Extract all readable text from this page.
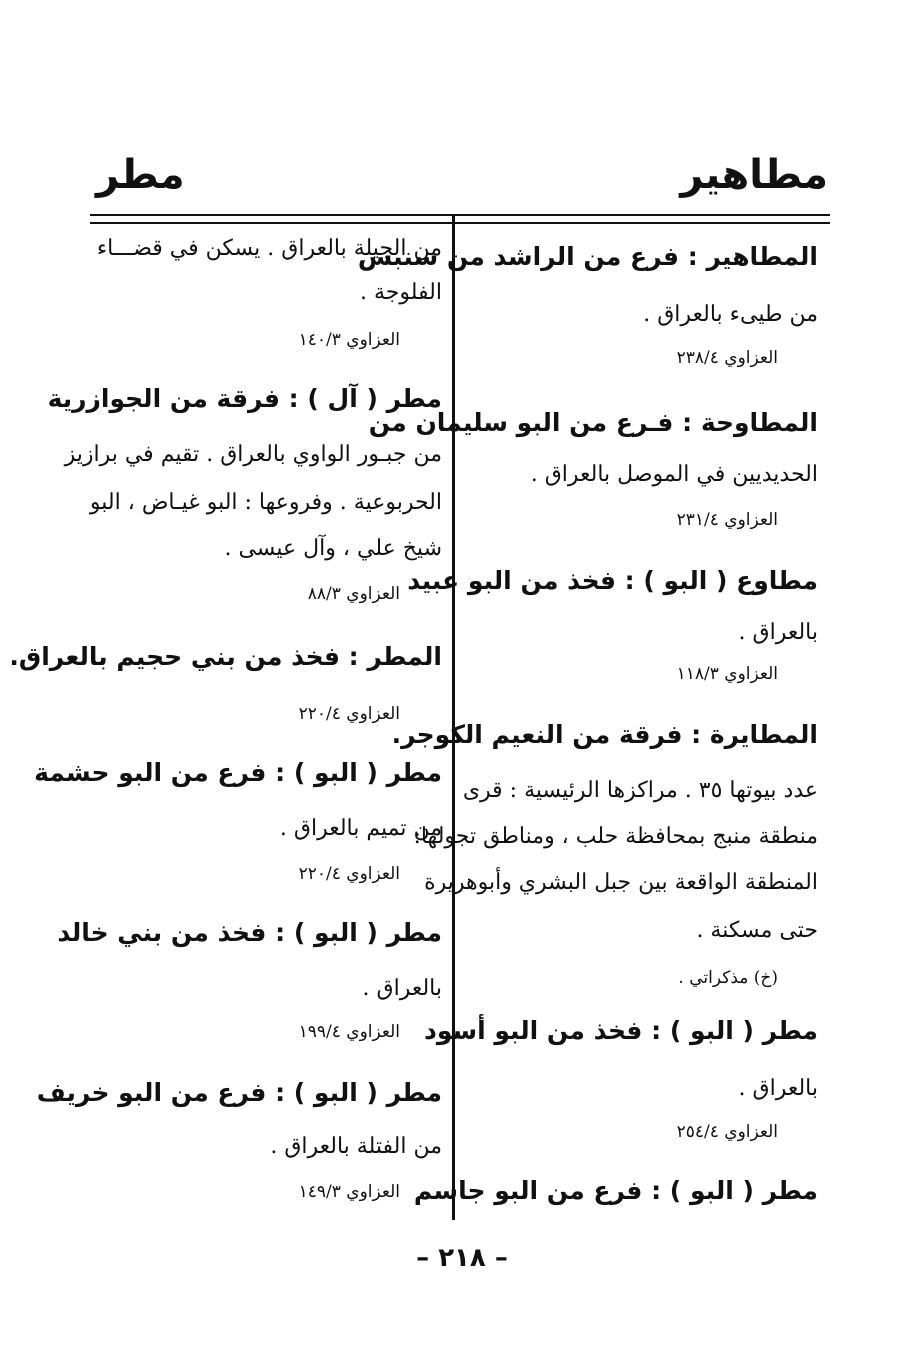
مطاهير
مطر
المطاهير : فرع من الراشد من سنبس
من طيىء بالعراق .
العزاوي ٢٣٨/٤
المطاوحة : فـرع من البو سليمان من
الحديديين في الموصل بالعراق .
العزاوي ٢٣١/٤
مطاوع ( البو ) : فخذ من البو عبيد
بالعراق .
العزاوي ١١٨/٣
المطايرة : فرقة من النعيم الكوجر.
عدد بيوتها ٣٥ . مراكزها الرئيسية : قرى
منطقة منبج بمحافظة حلب ، ومناطق تجولها:
المنطقة الواقعة بين جبل البشري وأبوهريرة
حتى مسكنة .
(خ) مذكراتي .
مطر ( البو ) : فخذ من البو أسود
بالعراق .
العزاوي ٢٥٤/٤
مطر ( البو ) : فرع من البو جاسم
من الجيلة بالعراق . يسكن في قضـــاء
الفلوجة .
العزاوي ١٤٠/٣
مطر ( آل ) : فرقة من الجوازرية
من جبـور الواوي بالعراق . تقيم في برازيز
الحربوعية . وفروعها : البو غيـاض ، البو
شيخ علي ، وآل عيسى .
العزاوي ٨٨/٣
المطر : فخذ من بني حجيم بالعراق.
العزاوي ٢٢٠/٤
مطر ( البو ) : فرع من البو حشمة
من تميم بالعراق .
العزاوي ٢٢٠/٤
مطر ( البو ) : فخذ من بني خالد
بالعراق .
العزاوي ١٩٩/٤
مطر ( البو ) : فرع من البو خريف
من الفتلة بالعراق .
العزاوي ١٤٩/٣
– ٢١٨ –
